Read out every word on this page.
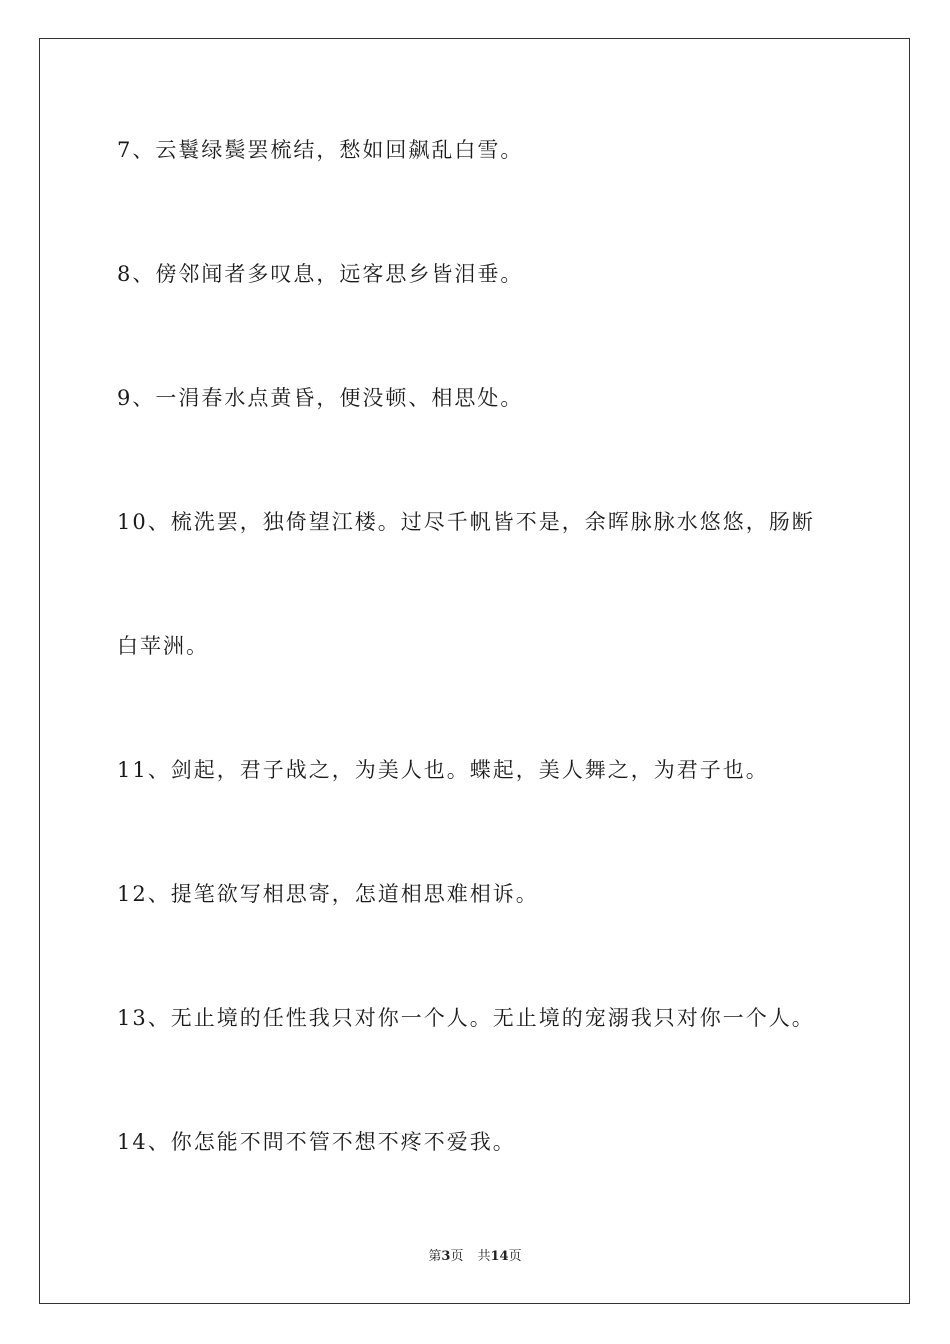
7、云鬟绿鬓罢梳结，愁如回飙乱白雪。
8、傍邻闻者多叹息，远客思乡皆泪垂。
9、一涓春水点黄昏，便没顿、相思处。
10、梳洗罢，独倚望江楼。过尽千帆皆不是，余晖脉脉水悠悠，肠断
白苹洲。
11、剑起，君子战之，为美人也。蝶起，美人舞之，为君子也。
12、提笔欲写相思寄，怎道相思难相诉。
13、无止境的任性我只对你一个人。无止境的宠溺我只对你一个人。
14、你怎能不問不管不想不疼不爱我。
第3页 共14页
